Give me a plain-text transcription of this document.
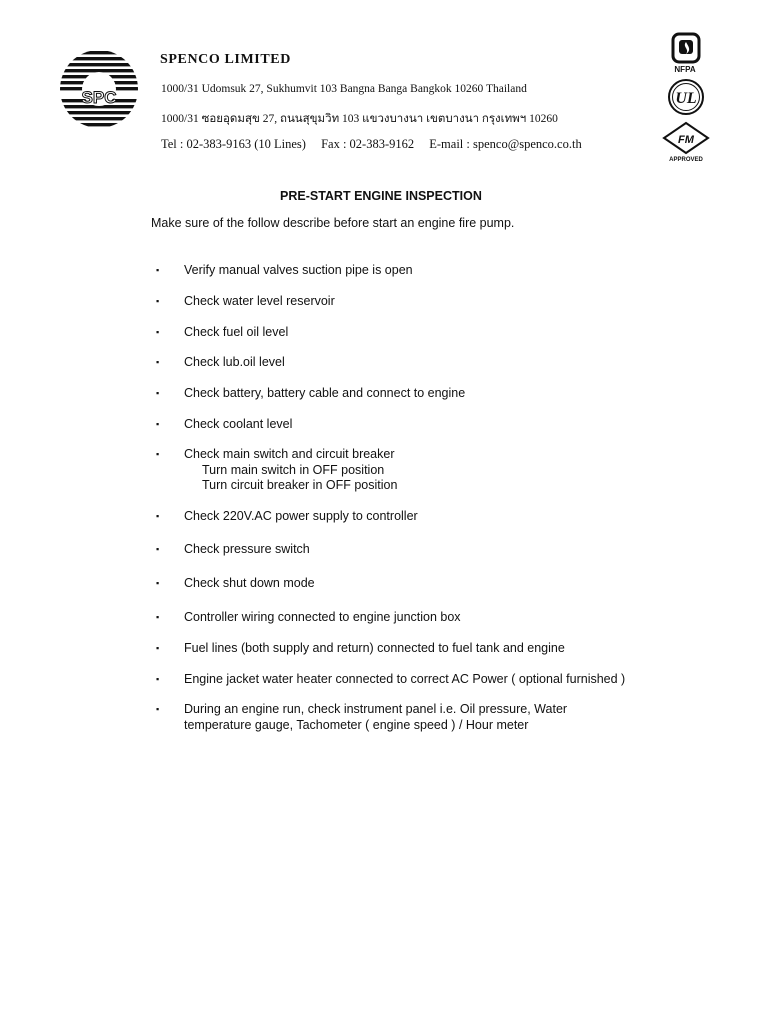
SPC
SPENCO LIMITED
1000/31 Udomsuk 27, Sukhumvit 103 Bangna Banga Bangkok 10260 Thailand
1000/31 ซอยอุดมสุข 27, ถนนสุขุมวิท 103 แขวงบางนา เขตบางนา กรุงเทพฯ 10260
Tel : 02-383-9163 (10 Lines) Fax : 02-383-9162 E-mail : spenco@spenco.co.th
NFPA
UL
FM
APPROVED
PRE-START ENGINE INSPECTION

Make sure of the follow describe before start an engine fire pump.

▪	Verify manual valves suction pipe is open
▪	Check water level reservoir
▪	Check fuel oil level
▪	Check lub.oil level
▪	Check battery, battery cable and connect to engine
▪	Check coolant level
▪	Check main switch and circuit breaker
Turn main switch in OFF position
Turn circuit breaker in OFF position
▪	Check 220V.AC power supply to controller
▪	Check pressure switch
▪	Check shut down mode
▪	Controller wiring connected to engine junction box
▪	Fuel lines (both supply and return) connected to fuel tank and engine
▪	Engine jacket water heater connected to correct AC Power ( optional furnished )
▪	During an engine run, check instrument panel i.e. Oil pressure, Water
temperature gauge, Tachometer ( engine speed ) / Hour meter
